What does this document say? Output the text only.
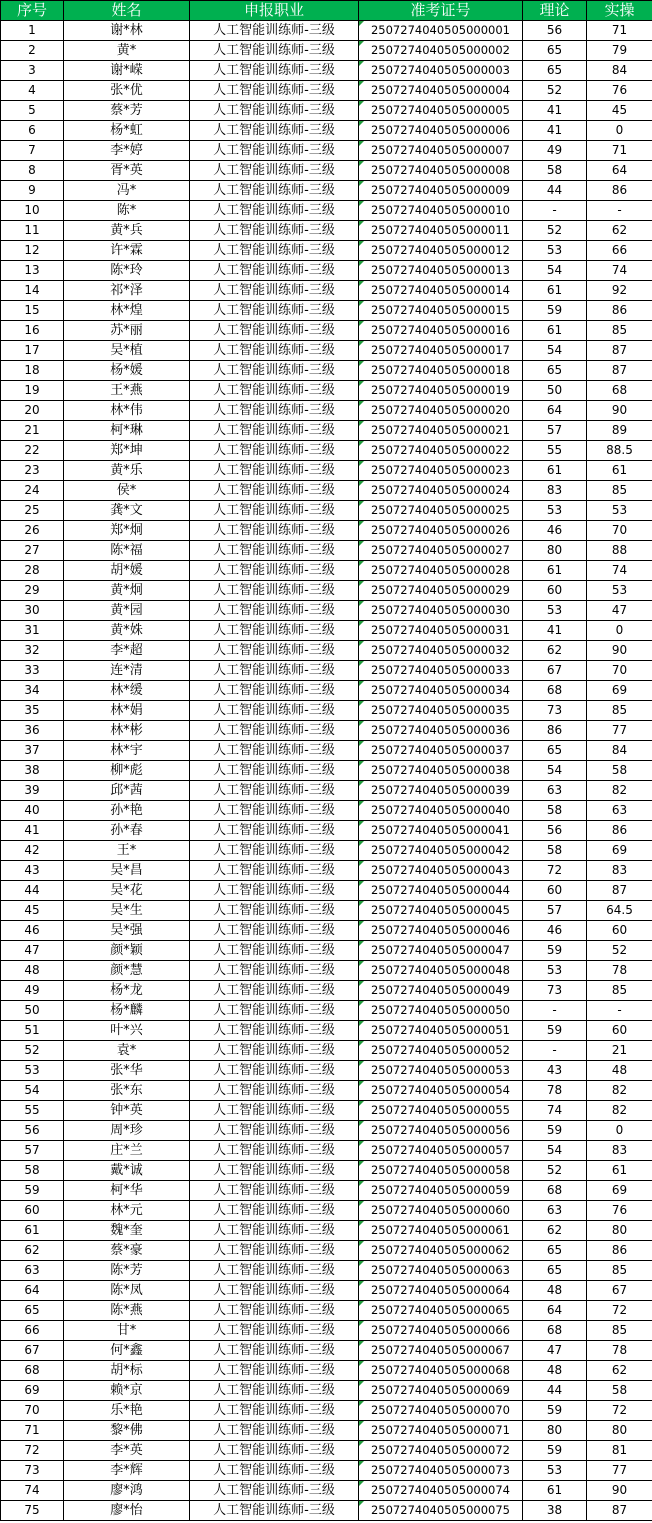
序号	姓名	申报职业	准考证号	理论	实操
1	谢*林	人工智能训练师-三级	2507274040505000001	56	71
2	黄*	人工智能训练师-三级	2507274040505000002	65	79
3	谢*嵘	人工智能训练师-三级	2507274040505000003	65	84
4	张*优	人工智能训练师-三级	2507274040505000004	52	76
5	蔡*芳	人工智能训练师-三级	2507274040505000005	41	45
6	杨*虹	人工智能训练师-三级	2507274040505000006	41	0
7	李*婷	人工智能训练师-三级	2507274040505000007	49	71
8	胥*英	人工智能训练师-三级	2507274040505000008	58	64
9	冯*	人工智能训练师-三级	2507274040505000009	44	86
10	陈*	人工智能训练师-三级	2507274040505000010	-	-
11	黄*兵	人工智能训练师-三级	2507274040505000011	52	62
12	许*霖	人工智能训练师-三级	2507274040505000012	53	66
13	陈*玲	人工智能训练师-三级	2507274040505000013	54	74
14	祁*泽	人工智能训练师-三级	2507274040505000014	61	92
15	林*煌	人工智能训练师-三级	2507274040505000015	59	86
16	苏*丽	人工智能训练师-三级	2507274040505000016	61	85
17	吴*植	人工智能训练师-三级	2507274040505000017	54	87
18	杨*媛	人工智能训练师-三级	2507274040505000018	65	87
19	王*燕	人工智能训练师-三级	2507274040505000019	50	68
20	林*伟	人工智能训练师-三级	2507274040505000020	64	90
21	柯*琳	人工智能训练师-三级	2507274040505000021	57	89
22	郑*坤	人工智能训练师-三级	2507274040505000022	55	88.5
23	黄*乐	人工智能训练师-三级	2507274040505000023	61	61
24	侯*	人工智能训练师-三级	2507274040505000024	83	85
25	龚*文	人工智能训练师-三级	2507274040505000025	53	53
26	郑*炯	人工智能训练师-三级	2507274040505000026	46	70
27	陈*福	人工智能训练师-三级	2507274040505000027	80	88
28	胡*媛	人工智能训练师-三级	2507274040505000028	61	74
29	黄*炯	人工智能训练师-三级	2507274040505000029	60	53
30	黄*园	人工智能训练师-三级	2507274040505000030	53	47
31	黄*姝	人工智能训练师-三级	2507274040505000031	41	0
32	李*超	人工智能训练师-三级	2507274040505000032	62	90
33	连*清	人工智能训练师-三级	2507274040505000033	67	70
34	林*缓	人工智能训练师-三级	2507274040505000034	68	69
35	林*娟	人工智能训练师-三级	2507274040505000035	73	85
36	林*彬	人工智能训练师-三级	2507274040505000036	86	77
37	林*宇	人工智能训练师-三级	2507274040505000037	65	84
38	柳*彪	人工智能训练师-三级	2507274040505000038	54	58
39	邱*茜	人工智能训练师-三级	2507274040505000039	63	82
40	孙*艳	人工智能训练师-三级	2507274040505000040	58	63
41	孙*春	人工智能训练师-三级	2507274040505000041	56	86
42	王*	人工智能训练师-三级	2507274040505000042	58	69
43	吴*昌	人工智能训练师-三级	2507274040505000043	72	83
44	吴*花	人工智能训练师-三级	2507274040505000044	60	87
45	吴*生	人工智能训练师-三级	2507274040505000045	57	64.5
46	吴*强	人工智能训练师-三级	2507274040505000046	46	60
47	颜*颖	人工智能训练师-三级	2507274040505000047	59	52
48	颜*慧	人工智能训练师-三级	2507274040505000048	53	78
49	杨*龙	人工智能训练师-三级	2507274040505000049	73	85
50	杨*麟	人工智能训练师-三级	2507274040505000050	-	-
51	叶*兴	人工智能训练师-三级	2507274040505000051	59	60
52	袁*	人工智能训练师-三级	2507274040505000052	-	21
53	张*华	人工智能训练师-三级	2507274040505000053	43	48
54	张*东	人工智能训练师-三级	2507274040505000054	78	82
55	钟*英	人工智能训练师-三级	2507274040505000055	74	82
56	周*珍	人工智能训练师-三级	2507274040505000056	59	0
57	庄*兰	人工智能训练师-三级	2507274040505000057	54	83
58	戴*诚	人工智能训练师-三级	2507274040505000058	52	61
59	柯*华	人工智能训练师-三级	2507274040505000059	68	69
60	林*元	人工智能训练师-三级	2507274040505000060	63	76
61	魏*奎	人工智能训练师-三级	2507274040505000061	62	80
62	蔡*豪	人工智能训练师-三级	2507274040505000062	65	86
63	陈*芳	人工智能训练师-三级	2507274040505000063	65	85
64	陈*凤	人工智能训练师-三级	2507274040505000064	48	67
65	陈*燕	人工智能训练师-三级	2507274040505000065	64	72
66	甘*	人工智能训练师-三级	2507274040505000066	68	85
67	何*鑫	人工智能训练师-三级	2507274040505000067	47	78
68	胡*标	人工智能训练师-三级	2507274040505000068	48	62
69	赖*京	人工智能训练师-三级	2507274040505000069	44	58
70	乐*艳	人工智能训练师-三级	2507274040505000070	59	72
71	黎*佛	人工智能训练师-三级	2507274040505000071	80	80
72	李*英	人工智能训练师-三级	2507274040505000072	59	81
73	李*辉	人工智能训练师-三级	2507274040505000073	53	77
74	廖*鸿	人工智能训练师-三级	2507274040505000074	61	90
75	廖*怡	人工智能训练师-三级	2507274040505000075	38	87
